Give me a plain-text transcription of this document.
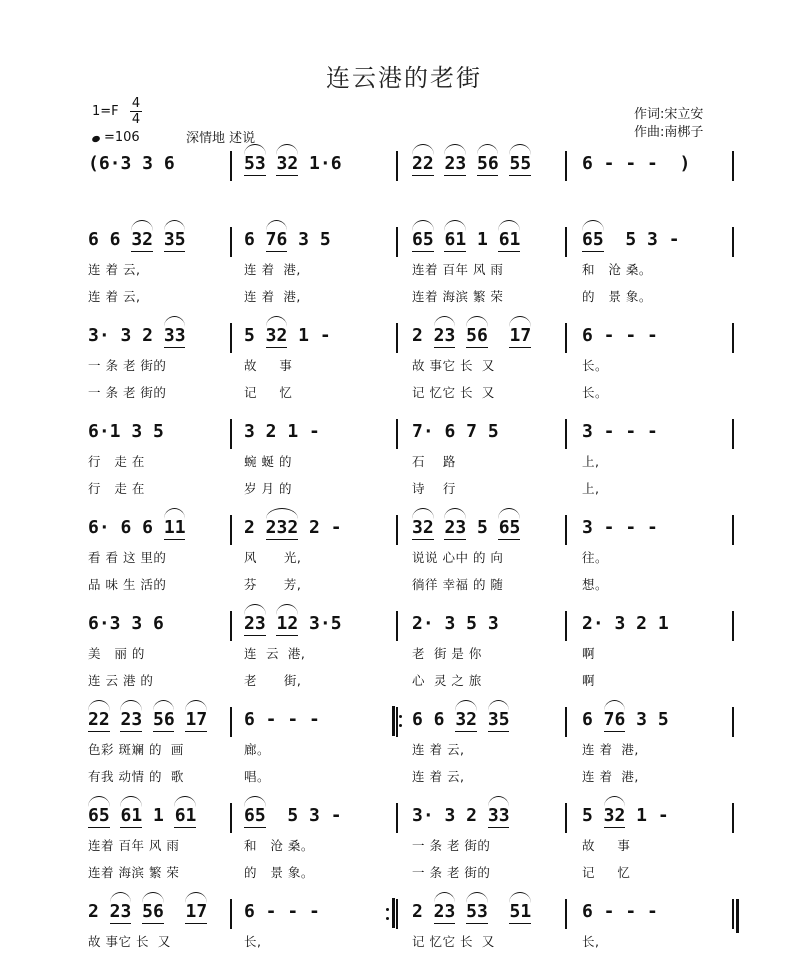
连云港的老街
$1=F \frac{4}{4}$
=106	深情地 述说
作词:宋立安
作曲:南梆子
(6·3 3 6	53 32 1·6	22 23 56 55	6 - - -  )
6 6 32 35	6 76 3 5	65 61 1 61	65  5 3 -
连 着 云,	连 着  港,	连着 百年 风 雨	和   沧 桑。
连 着 云,	连 着  港,	连着 海滨 繁 荣	的   景 象。
3· 3 2 33	5 32 1 -	2 23 56  17	6 - - -
一 条 老 街的	故     事	故 事它 长  又	长。
一 条 老 街的	记     忆	记 忆它 长  又	长。
6·1 3 5	3 2 1 -	7· 6 7 5	3 - - -
行   走 在	蜿 蜒 的	石    路	上,
行   走 在	岁 月 的	诗    行	上,
6· 6 6 11	2 232 2 -	32 23 5 65	3 - - -
看 看 这 里的	风      光,	说说 心中 的 向	往。
品 味 生 活的	芬      芳,	徜徉 幸福 的 随	想。
6·3 3 6	23 12 3·5	2· 3 5 3	2· 3 2 1
美   丽 的	连  云  港,	老  街 是 你	啊
连 云 港 的	老      街,	心  灵 之 旅	啊
22 23 56 17 6 - - -	6 6 32 35	6 76 3 5
色彩 斑斓 的  画	廊。	连 着 云,	连 着  港,
有我 动情 的  歌	唱。	连 着 云,	连 着  港,
65 61 1 61	65  5 3 -	3· 3 2 33	5 32 1 -
连着 百年 风 雨	和   沧 桑。	一 条 老 街的	故     事
连着 海滨 繁 荣	的   景 象。	一 条 老 街的	记     忆
2 23 56  17 6 - - -	2 23 53  51	6 - - -
故 事它 长  又	长,	记 忆它 长  又	长,
